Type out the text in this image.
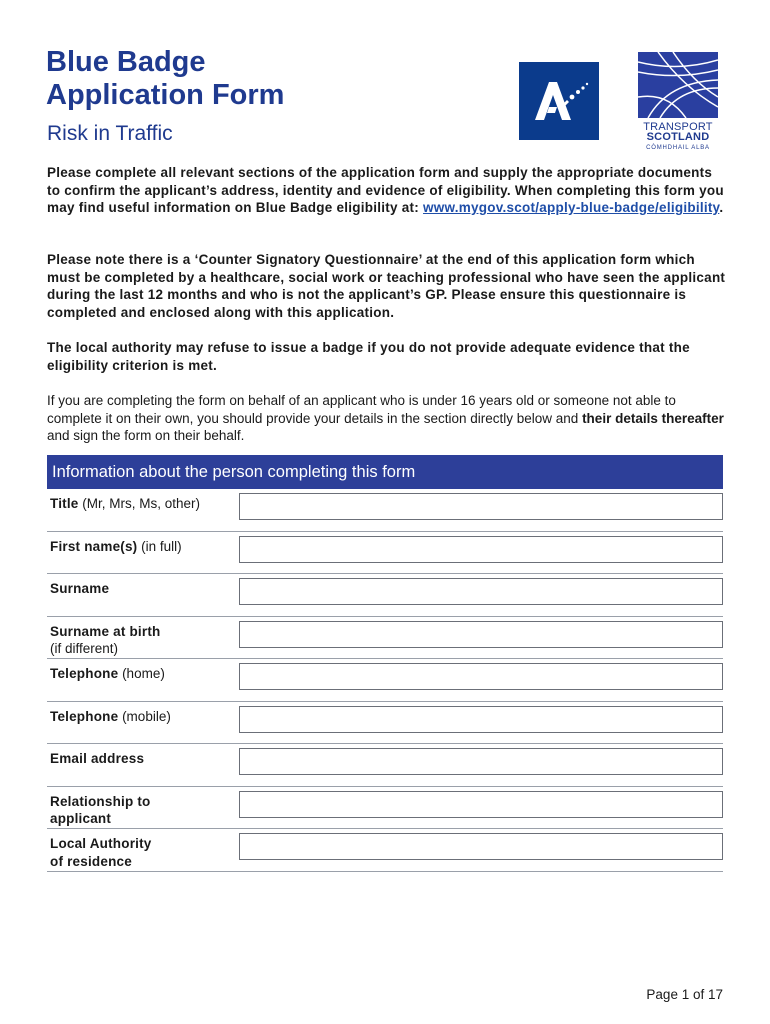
Blue Badge
Application Form
Risk in Traffic	TRANSPORT
SCOTLAND
CÒMHDHAIL ALBA

Please complete all relevant sections of the application form and supply the appropriate documents to confirm the applicant’s address, identity and evidence of eligibility. When completing this form you may find useful information on Blue Badge eligibility at: www.mygov.scot/apply-blue-badge/eligibility.

Please note there is a ‘Counter Signatory Questionnaire’ at the end of this application form which must be completed by a healthcare, social work or teaching professional who have seen the applicant during the last 12 months and who is not the applicant’s GP. Please ensure this questionnaire is completed and enclosed along with this application.

The local authority may refuse to issue a badge if you do not provide adequate evidence that the eligibility criterion is met.

If you are completing the form on behalf of an applicant who is under 16 years old or someone not able to complete it on their own, you should provide your details in the section directly below and their details thereafter and sign the form on their behalf.

Information about the person completing this form
Title (Mr, Mrs, Ms, other)
First name(s) (in full)
Surname
Surname at birth
(if different)
Telephone (home)
Telephone (mobile)
Email address
Relationship to
applicant
Local Authority
of residence
Page 1 of 17
